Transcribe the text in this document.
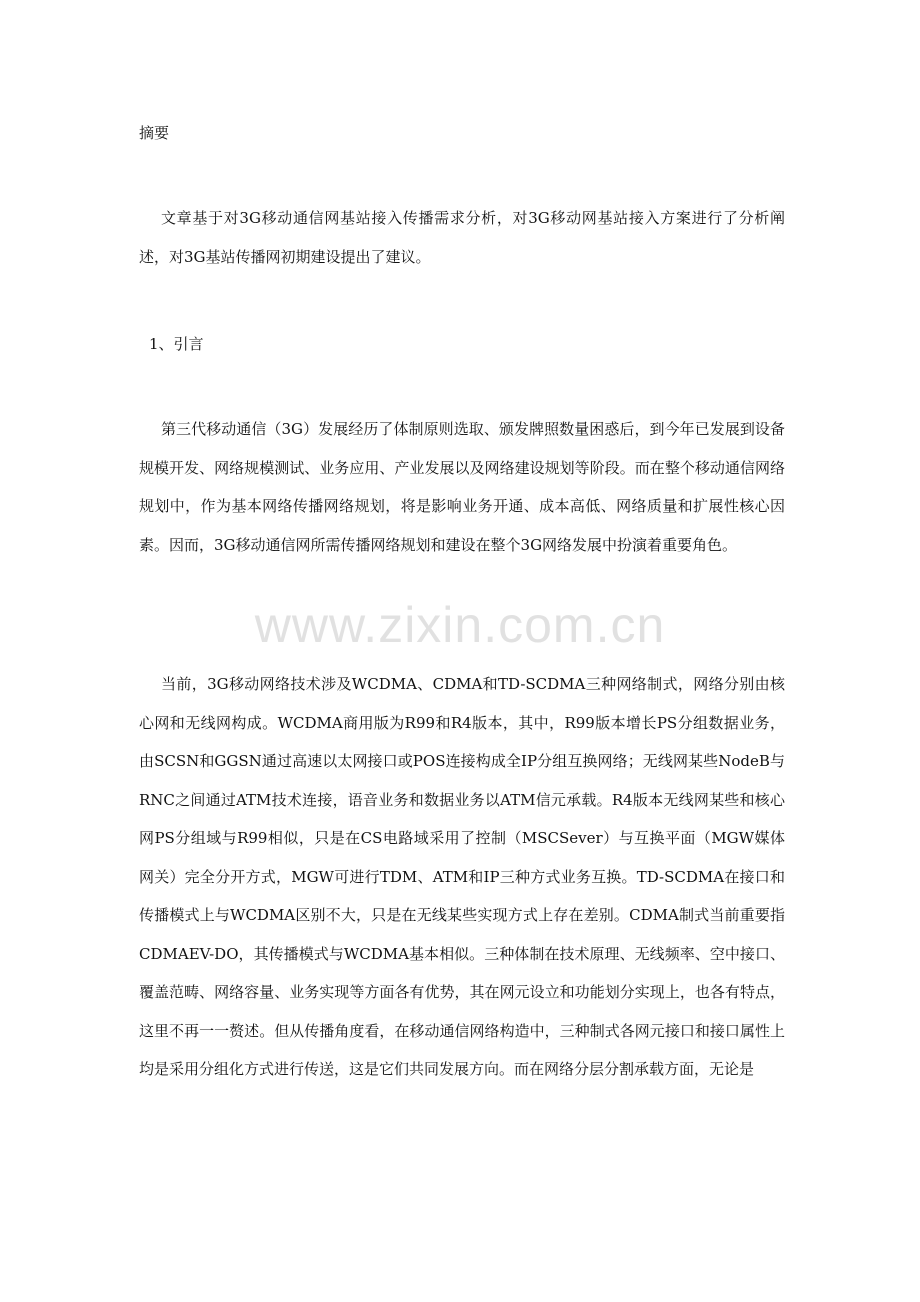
摘要

文章基于对3G移动通信网基站接入传播需求分析，对3G移动网基站接入方案进行了分析阐述，对3G基站传播网初期建设提出了建议。

1、引言

第三代移动通信（3G）发展经历了体制原则选取、颁发牌照数量困惑后，到今年已发展到设备规模开发、网络规模测试、业务应用、产业发展以及网络建设规划等阶段。而在整个移动通信网络规划中，作为基本网络传播网络规划，将是影响业务开通、成本高低、网络质量和扩展性核心因素。因而，3G移动通信网所需传播网络规划和建设在整个3G网络发展中扮演着重要角色。

www.zixin.com.cn

当前，3G移动网络技术涉及WCDMA、CDMA和TD-SCDMA三种网络制式，网络分别由核心网和无线网构成。WCDMA商用版为R99和R4版本，其中，R99版本增长PS分组数据业务，由SCSN和GGSN通过高速以太网接口或POS连接构成全IP分组互换网络；无线网某些NodeB与RNC之间通过ATM技术连接，语音业务和数据业务以ATM信元承载。R4版本无线网某些和核心网PS分组域与R99相似，只是在CS电路域采用了控制（MSCSever）与互换平面（MGW媒体网关）完全分开方式，MGW可进行TDM、ATM和IP三种方式业务互换。TD-SCDMA在接口和传播模式上与WCDMA区别不大，只是在无线某些实现方式上存在差别。CDMA制式当前重要指CDMAEV-DO，其传播模式与WCDMA基本相似。三种体制在技术原理、无线频率、空中接口、覆盖范畴、网络容量、业务实现等方面各有优势，其在网元设立和功能划分实现上，也各有特点，这里不再一一赘述。但从传播角度看，在移动通信网络构造中，三种制式各网元接口和接口属性上均是采用分组化方式进行传送，这是它们共同发展方向。而在网络分层分割承载方面，无论是
